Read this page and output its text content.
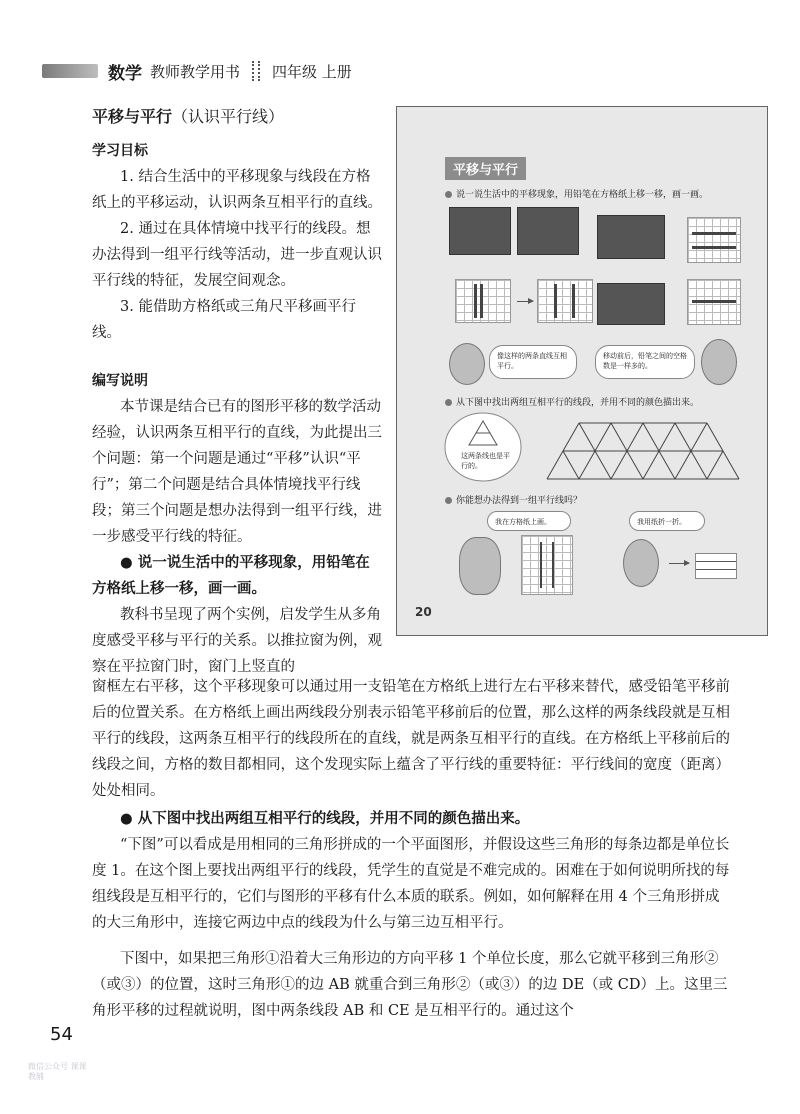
数学 教师教学用书 四年级 上册
平移与平行（认识平行线）
学习目标

1. 结合生活中的平移现象与线段在方格纸上的平移运动，认识两条互相平行的直线。

2. 通过在具体情境中找平行的线段。想办法得到一组平行线等活动，进一步直观认识平行线的特征，发展空间观念。

3. 能借助方格纸或三角尺平移画平行线。

编写说明

本节课是结合已有的图形平移的数学活动经验，认识两条互相平行的直线，为此提出三个问题：第一个问题是通过“平移”认识“平行”；第二个问题是结合具体情境找平行线段；第三个问题是想办法得到一组平行线，进一步感受平行线的特征。

● 说一说生活中的平移现象，用铅笔在方格纸上移一移，画一画。

教科书呈现了两个实例，启发学生从多角度感受平移与平行的关系。以推拉窗为例，观察在平拉窗门时，窗门上竖直的

平移与平行
说一说生活中的平移现象，用铅笔在方格纸上移一移，画一画。
像这样的两条直线互相平行。
移动前后，铅笔之间的空格数是一样多的。
从下图中找出两组互相平行的线段，并用不同的颜色描出来。
这两条线也是平行的。
你能想办法得到一组平行线吗？
我在方格纸上画。	我用纸折一折。
20

窗框左右平移，这个平移现象可以通过用一支铅笔在方格纸上进行左右平移来替代，感受铅笔平移前后的位置关系。在方格纸上画出两线段分别表示铅笔平移前后的位置，那么这样的两条线段就是互相平行的线段，这两条互相平行的线段所在的直线，就是两条互相平行的直线。在方格纸上平移前后的线段之间，方格的数目都相同，这个发现实际上蕴含了平行线的重要特征：平行线间的宽度（距离）处处相同。

● 从下图中找出两组互相平行的线段，并用不同的颜色描出来。

“下图”可以看成是用相同的三角形拼成的一个平面图形，并假设这些三角形的每条边都是单位长度 1。在这个图上要找出两组平行的线段，凭学生的直觉是不难完成的。困难在于如何说明所找的每组线段是互相平行的，它们与图形的平移有什么本质的联系。例如，如何解释在用 4 个三角形拼成的大三角形中，连接它两边中点的线段为什么与第三边互相平行。

下图中，如果把三角形①沿着大三角形边的方向平移 1 个单位长度，那么它就平移到三角形②（或③）的位置，这时三角形①的边 AB 就重合到三角形②（或③）的边 DE（或 CD）上。这里三角形平移的过程就说明，图中两条线段 AB 和 CE 是互相平行的。通过这个

54
微信公众号 课课教辅
